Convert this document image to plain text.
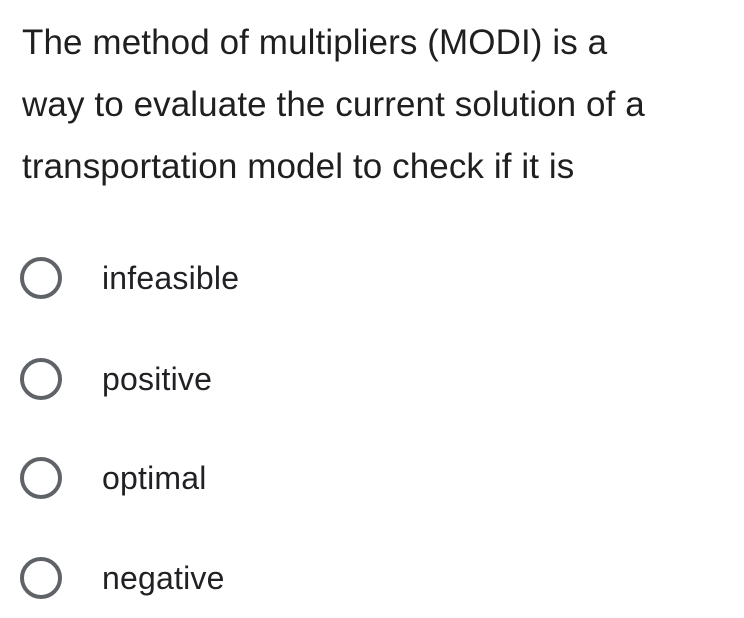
The method of multipliers (MODI) is a
way to evaluate the current solution of a
transportation model to check if it is
infeasible
positive
optimal
negative
